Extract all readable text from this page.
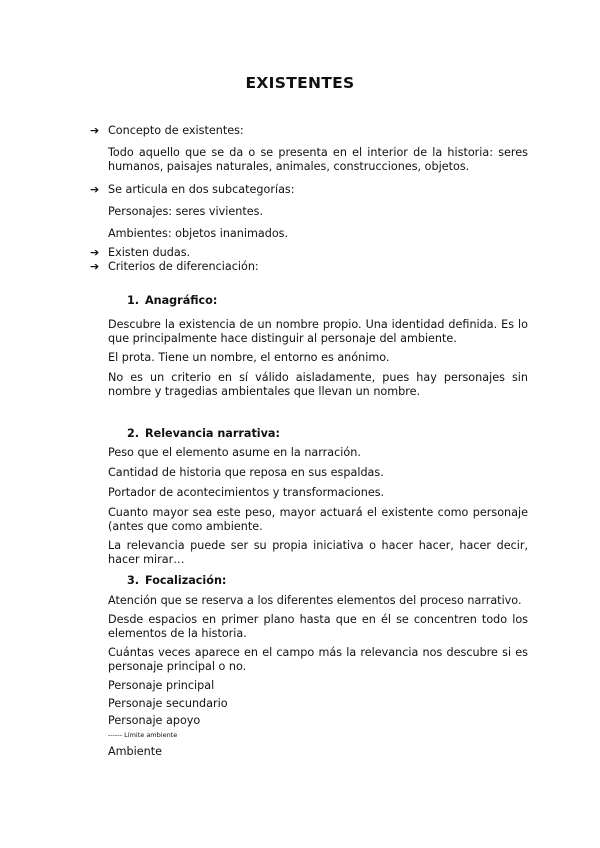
EXISTENTES
➔ Concepto de existentes:
Todo aquello que se da o se presenta en el interior de la historia: seres humanos, paisajes naturales, animales, construcciones, objetos.
➔ Se articula en dos subcategorías:
Personajes: seres vivientes.
Ambientes: objetos inanimados.
➔ Existen dudas.
➔ Criterios de diferenciación:
1. Anagráfico:
Descubre la existencia de un nombre propio. Una identidad definida. Es lo que principalmente hace distinguir al personaje del ambiente.
El prota. Tiene un nombre, el entorno es anónimo.
No es un criterio en sí válido aisladamente, pues hay personajes sin nombre y tragedias ambientales que llevan un nombre.
2. Relevancia narrativa:
Peso que el elemento asume en la narración.
Cantidad de historia que reposa en sus espaldas.
Portador de acontecimientos y transformaciones.
Cuanto mayor sea este peso, mayor actuará el existente como personaje (antes que como ambiente.
La relevancia puede ser su propia iniciativa o hacer hacer, hacer decir, hacer mirar…
3. Focalización:
Atención que se reserva a los diferentes elementos del proceso narrativo.
Desde espacios en primer plano hasta que en él se concentren todo los elementos de la historia.
Cuántas veces aparece en el campo más la relevancia nos descubre si es personaje principal o no.
Personaje principal
Personaje secundario
Personaje apoyo
------ Límite ambiente
Ambiente
